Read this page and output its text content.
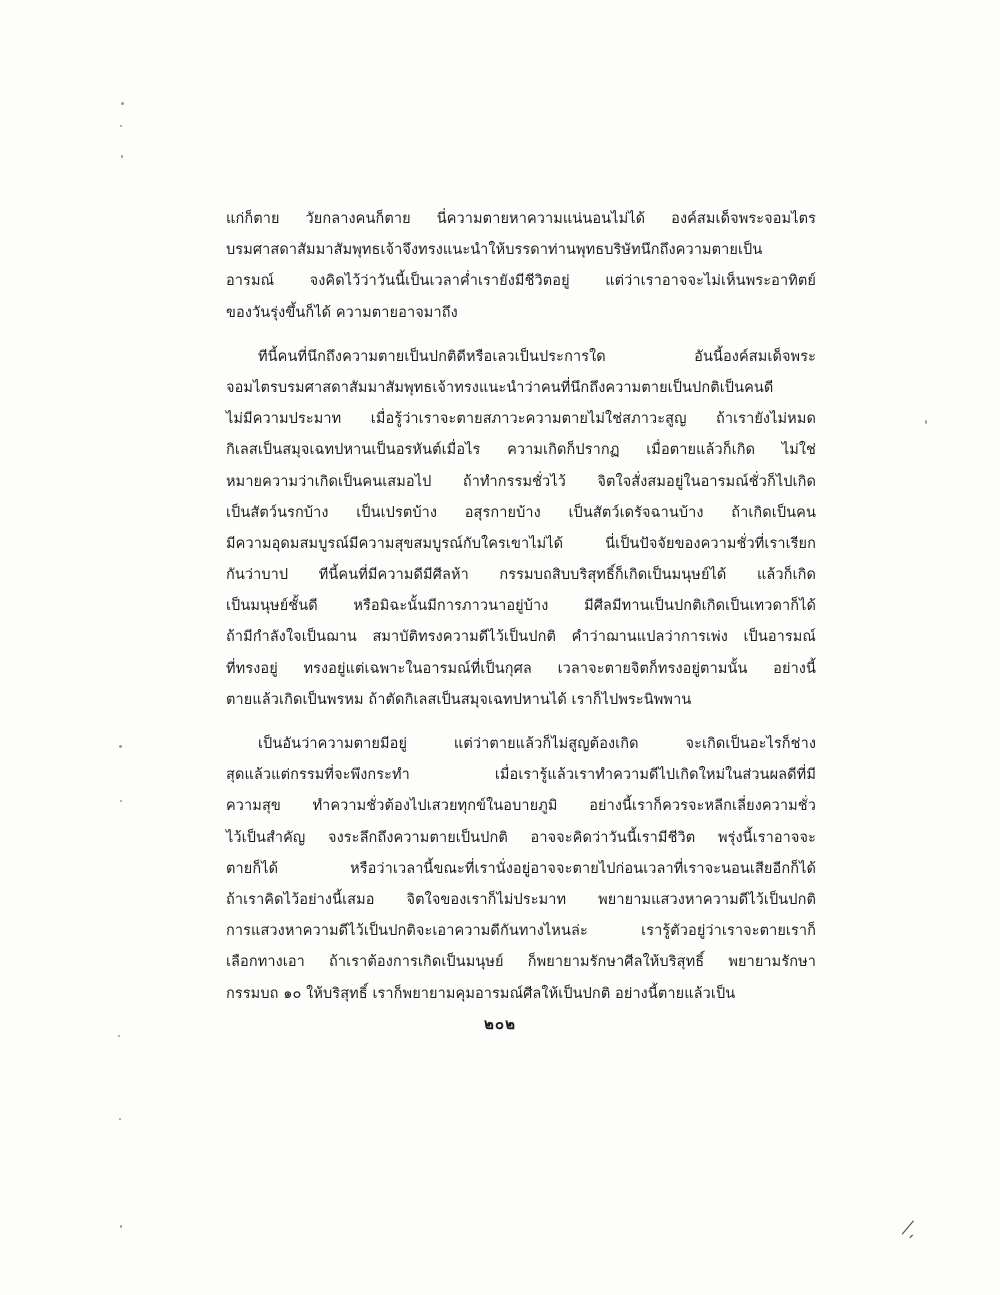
ˏ̸
แก่ก็ตาย วัยกลางคนก็ตาย นี่ความตายหาความแน่นอนไม่ได้ องค์สมเด็จพระจอมไตร
บรมศาสดาสัมมาสัมพุทธเจ้าจึงทรงแนะนำให้บรรดาท่านพุทธบริษัทนึกถึงความตายเป็น
อารมณ์ จงคิดไว้ว่าวันนี้เป็นเวลาค่ำเรายังมีชีวิตอยู่ แต่ว่าเราอาจจะไม่เห็นพระอาทิตย์
ของวันรุ่งขึ้นก็ได้ ความตายอาจมาถึง
ทีนี้คนที่นึกถึงความตายเป็นปกติดีหรือเลวเป็นประการใด อันนี้องค์สมเด็จพระ
จอมไตรบรมศาสดาสัมมาสัมพุทธเจ้าทรงแนะนำว่าคนที่นึกถึงความตายเป็นปกติเป็นคนดี
ไม่มีความประมาท เมื่อรู้ว่าเราจะตายสภาวะความตายไม่ใช่สภาวะสูญ ถ้าเรายังไม่หมด
กิเลสเป็นสมุจเฉทปหานเป็นอรหันต์เมื่อไร ความเกิดก็ปรากฏ เมื่อตายแล้วก็เกิด ไม่ใช่
หมายความว่าเกิดเป็นคนเสมอไป ถ้าทำกรรมชั่วไว้ จิตใจสั่งสมอยู่ในอารมณ์ชั่วก็ไปเกิด
เป็นสัตว์นรกบ้าง เป็นเปรตบ้าง อสุรกายบ้าง เป็นสัตว์เดรัจฉานบ้าง ถ้าเกิดเป็นคน
มีความอุดมสมบูรณ์มีความสุขสมบูรณ์กับใครเขาไม่ได้ นี่เป็นปัจจัยของความชั่วที่เราเรียก
กันว่าบาป ทีนี้คนที่มีความดีมีศีลห้า กรรมบถสิบบริสุทธิ์ก็เกิดเป็นมนุษย์ได้ แล้วก็เกิด
เป็นมนุษย์ชั้นดี หรือมิฉะนั้นมีการภาวนาอยู่บ้าง มีศีลมีทานเป็นปกติเกิดเป็นเทวดาก็ได้
ถ้ามีกำลังใจเป็นฌาน สมาบัติทรงความดีไว้เป็นปกติ คำว่าฌานแปลว่าการเพ่ง เป็นอารมณ์
ที่ทรงอยู่ ทรงอยู่แต่เฉพาะในอารมณ์ที่เป็นกุศล เวลาจะตายจิตก็ทรงอยู่ตามนั้น อย่างนี้
ตายแล้วเกิดเป็นพรหม ถ้าตัดกิเลสเป็นสมุจเฉทปหานได้ เราก็ไปพระนิพพาน
เป็นอันว่าความตายมีอยู่ แต่ว่าตายแล้วก็ไม่สูญต้องเกิด จะเกิดเป็นอะไรก็ช่าง
สุดแล้วแต่กรรมที่จะพึงกระทำ เมื่อเรารู้แล้วเราทำความดีไปเกิดใหม่ในส่วนผลดีที่มี
ความสุข ทำความชั่วต้องไปเสวยทุกข์ในอบายภูมิ อย่างนี้เราก็ควรจะหลีกเลี่ยงความชั่ว
ไว้เป็นสำคัญ จงระลึกถึงความตายเป็นปกติ อาจจะคิดว่าวันนี้เรามีชีวิต พรุ่งนี้เราอาจจะ
ตายก็ได้ หรือว่าเวลานี้ขณะที่เรานั่งอยู่อาจจะตายไปก่อนเวลาที่เราจะนอนเสียอีกก็ได้
ถ้าเราคิดไว้อย่างนี้เสมอ จิตใจของเราก็ไม่ประมาท พยายามแสวงหาความดีไว้เป็นปกติ
การแสวงหาความดีไว้เป็นปกติจะเอาความดีกันทางไหนล่ะ เรารู้ตัวอยู่ว่าเราจะตายเราก็
เลือกทางเอา ถ้าเราต้องการเกิดเป็นมนุษย์ ก็พยายามรักษาศีลให้บริสุทธิ์ พยายามรักษา
กรรมบถ ๑๐ ให้บริสุทธิ์ เราก็พยายามคุมอารมณ์ศีลให้เป็นปกติ อย่างนี้ตายแล้วเป็น
๒๐๒
